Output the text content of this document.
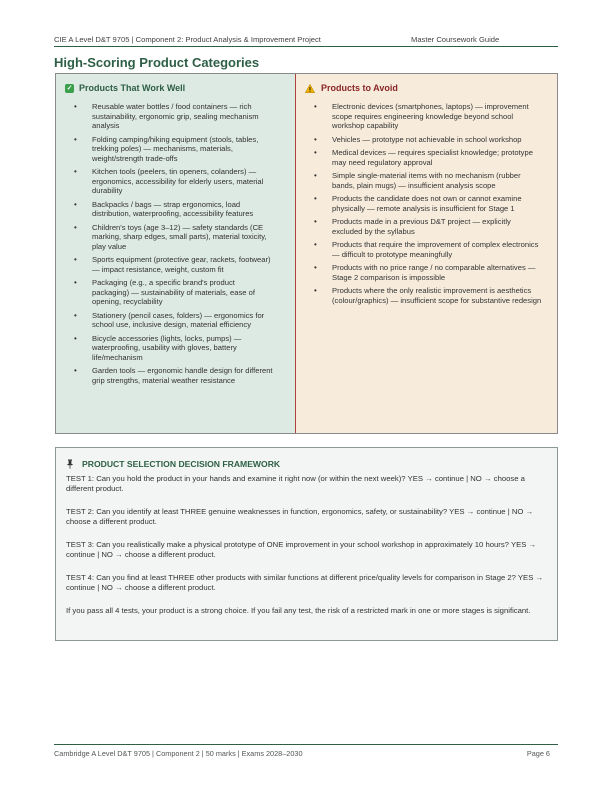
CIE A Level D&T 9705 | Component 2: Product Analysis & Improvement Project	Master Coursework Guide
High-Scoring Product Categories
✓ Products That Work Well
• Reusable water bottles / food containers — rich sustainability, ergonomic grip, sealing mechanism analysis
• Folding camping/hiking equipment (stools, tables, trekking poles) — mechanisms, materials, weight/strength trade-offs
• Kitchen tools (peelers, tin openers, colanders) — ergonomics, accessibility for elderly users, material durability
• Backpacks / bags — strap ergonomics, load distribution, waterproofing, accessibility features
• Children's toys (age 3–12) — safety standards (CE marking, sharp edges, small parts), material toxicity, play value
• Sports equipment (protective gear, rackets, footwear) — impact resistance, weight, custom fit
• Packaging (e.g., a specific brand's product packaging) — sustainability of materials, ease of opening, recyclability
• Stationery (pencil cases, folders) — ergonomics for school use, inclusive design, material efficiency
• Bicycle accessories (lights, locks, pumps) — waterproofing, usability with gloves, battery life/mechanism
• Garden tools — ergonomic handle design for different grip strengths, material weather resistance
Products to Avoid
• Electronic devices (smartphones, laptops) — improvement scope requires engineering knowledge beyond school workshop capability
• Vehicles — prototype not achievable in school workshop
• Medical devices — requires specialist knowledge; prototype may need regulatory approval
• Simple single-material items with no mechanism (rubber bands, plain mugs) — insufficient analysis scope
• Products the candidate does not own or cannot examine physically — remote analysis is insufficient for Stage 1
• Products made in a previous D&T project — explicitly excluded by the syllabus
• Products that require the improvement of complex electronics — difficult to prototype meaningfully
• Products with no price range / no comparable alternatives — Stage 2 comparison is impossible
• Products where the only realistic improvement is aesthetics (colour/graphics) — insufficient scope for substantive redesign
PRODUCT SELECTION DECISION FRAMEWORK

TEST 1: Can you hold the product in your hands and examine it right now (or within the next week)? YES → continue | NO → choose a different product.

TEST 2: Can you identify at least THREE genuine weaknesses in function, ergonomics, safety, or sustainability? YES → continue | NO → choose a different product.

TEST 3: Can you realistically make a physical prototype of ONE improvement in your school workshop in approximately 10 hours? YES → continue | NO → choose a different product.

TEST 4: Can you find at least THREE other products with similar functions at different price/quality levels for comparison in Stage 2? YES → continue | NO → choose a different product.

If you pass all 4 tests, your product is a strong choice. If you fail any test, the risk of a restricted mark in one or more stages is significant.

Cambridge A Level D&T 9705 | Component 2 | 50 marks | Exams 2028–2030	Page 6
